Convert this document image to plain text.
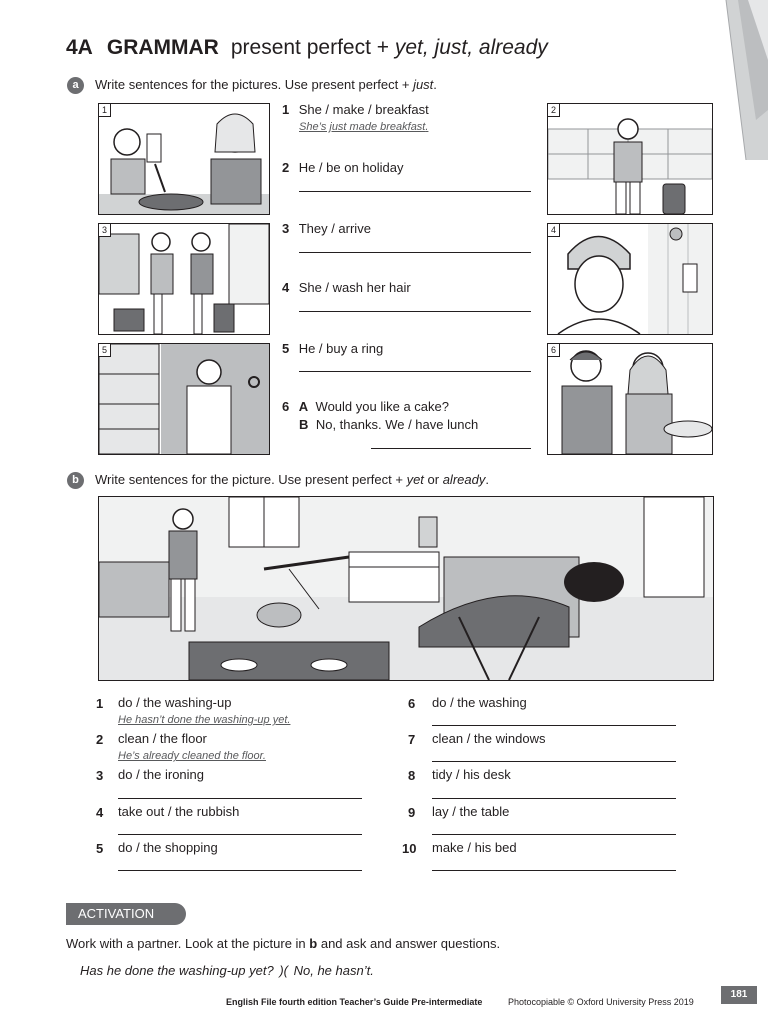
4A GRAMMAR present perfect + yet, just, already
a	Write sentences for the pictures. Use present perfect + just.
1	2
3	4
5	6
1 She / make / breakfast
She’s just made breakfast.
2 He / be on holiday
3 They / arrive
4 She / wash her hair
5 He / buy a ring
6 A Would you like a cake?
B No, thanks. We / have lunch
b	Write sentences for the picture. Use present perfect + yet or already.
1 do / the washing-up
He hasn’t done the washing-up yet.
2 clean / the floor
He’s already cleaned the floor.
3 do / the ironing
4 take out / the rubbish
5 do / the shopping
6 do / the washing
7 clean / the windows
8 tidy / his desk
9 lay / the table
10 make / his bed
ACTIVATION
Work with a partner. Look at the picture in b and ask and answer questions.
Has he done the washing-up yet? )( No, he hasn’t.
English File fourth edition Teacher’s Guide Pre-intermediate	Photocopiable © Oxford University Press 2019
181
